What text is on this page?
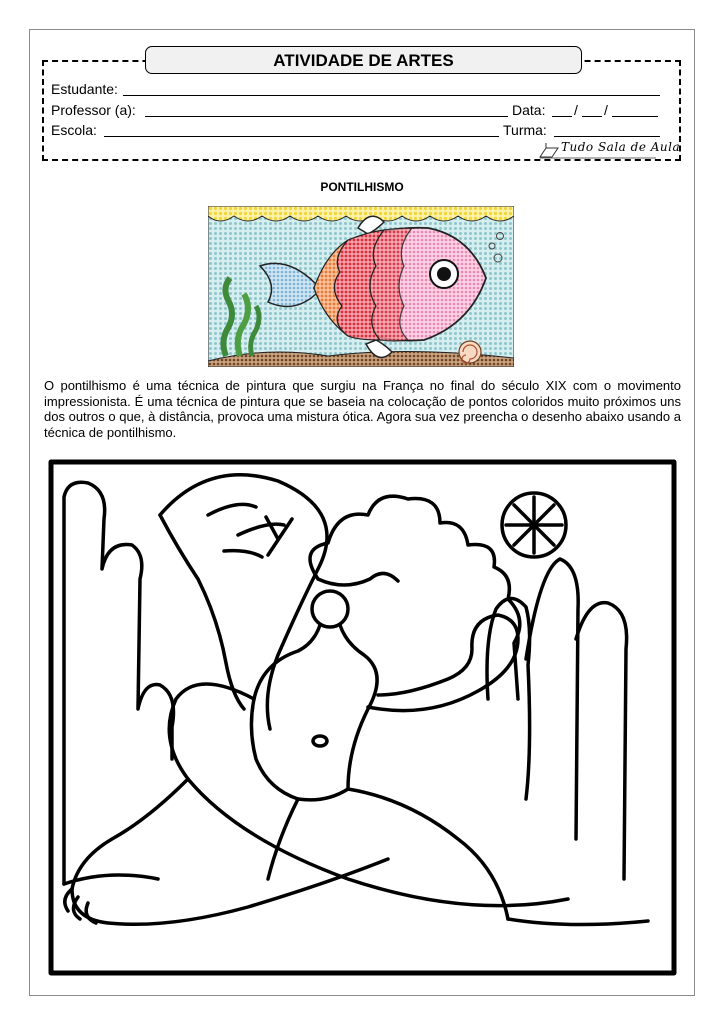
ATIVIDADE DE ARTES
Estudante:
Professor (a):	Data: / /
Escola:	Turma:
Tudo Sala de Aula
PONTILHISMO
O pontilhismo é uma técnica de pintura que surgiu na França no final do século XIX com o movimento impressionista. É uma técnica de pintura que se baseia na colocação de pontos coloridos muito próximos uns dos outros o que, à distância, provoca uma mistura ótica. Agora sua vez preencha o desenho abaixo usando a técnica de pontilhismo.
